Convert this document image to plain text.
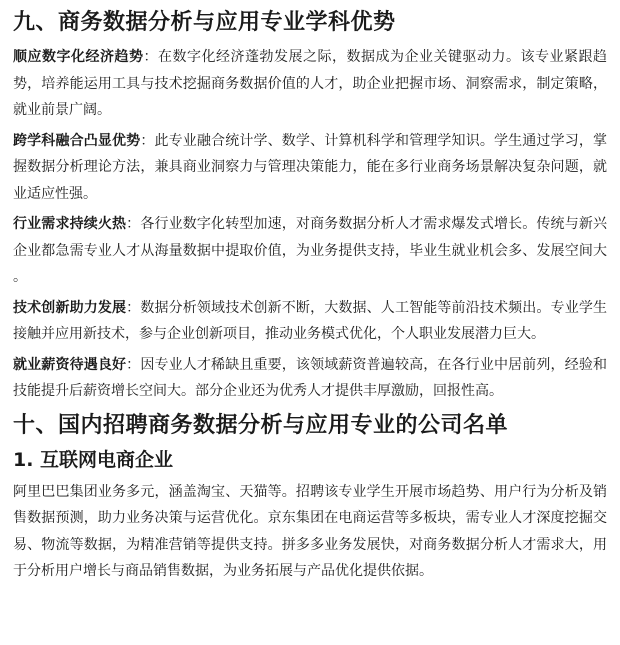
九、商务数据分析与应用专业学科优势

顺应数字化经济趋势：在数字化经济蓬勃发展之际，数据成为企业关键驱动力。该专业紧跟趋势，培养能运用工具与技术挖掘商务数据价值的人才，助企业把握市场、洞察需求，制定策略，就业前景广阔。

跨学科融合凸显优势：此专业融合统计学、数学、计算机科学和管理学知识。学生通过学习，掌握数据分析理论方法，兼具商业洞察力与管理决策能力，能在多行业商务场景解决复杂问题，就业适应性强。

行业需求持续火热：各行业数字化转型加速，对商务数据分析人才需求爆发式增长。传统与新兴企业都急需专业人才从海量数据中提取价值，为业务提供支持，毕业生就业机会多、发展空间大 。

技术创新助力发展：数据分析领域技术创新不断，大数据、人工智能等前沿技术频出。专业学生接触并应用新技术，参与企业创新项目，推动业务模式优化，个人职业发展潜力巨大。

就业薪资待遇良好：因专业人才稀缺且重要，该领域薪资普遍较高，在各行业中居前列，经验和技能提升后薪资增长空间大。部分企业还为优秀人才提供丰厚激励，回报性高。

十、国内招聘商务数据分析与应用专业的公司名单
1. 互联网电商企业

阿里巴巴集团业务多元，涵盖淘宝、天猫等。招聘该专业学生开展市场趋势、用户行为分析及销售数据预测，助力业务决策与运营优化。京东集团在电商运营等多板块，需专业人才深度挖掘交易、物流等数据，为精准营销等提供支持。拼多多业务发展快，对商务数据分析人才需求大，用于分析用户增长与商品销售数据，为业务拓展与产品优化提供依据。
